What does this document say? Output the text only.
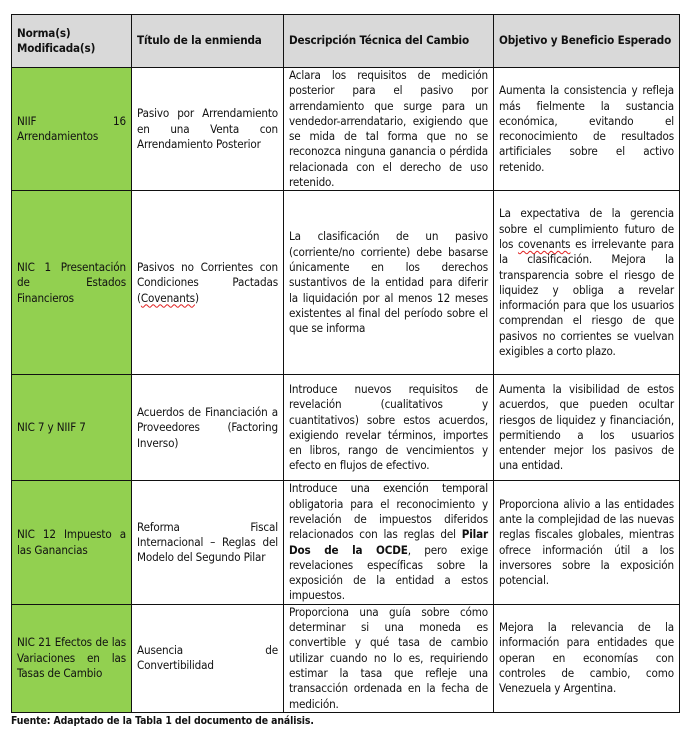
Norma(s) Modificada(s)	Título de la enmienda	Descripción Técnica del Cambio	Objetivo y Beneficio Esperado
NIIF 16 Arrendamientos	Pasivo por Arrendamiento en una Venta con Arrendamiento Posterior	Aclara los requisitos de medición posterior para el pasivo por arrendamiento que surge para un vendedor-arrendatario, exigiendo que se mida de tal forma que no se reconozca ninguna ganancia o pérdida relacionada con el derecho de uso retenido.	Aumenta la consistencia y refleja más fielmente la sustancia económica, evitando el reconocimiento de resultados artificiales sobre el activo retenido.
NIC 1 Presentación de Estados Financieros	Pasivos no Corrientes con Condiciones Pactadas (Covenants)	La clasificación de un pasivo (corriente/no corriente) debe basarse únicamente en los derechos sustantivos de la entidad para diferir la liquidación por al menos 12 meses existentes al final del período sobre el que se informa	La expectativa de la gerencia sobre el cumplimiento futuro de los covenants es irrelevante para la clasificación. Mejora la transparencia sobre el riesgo de liquidez y obliga a revelar información para que los usuarios comprendan el riesgo de que pasivos no corrientes se vuelvan exigibles a corto plazo.
NIC 7 y NIIF 7	Acuerdos de Financiación a Proveedores (Factoring Inverso)	Introduce nuevos requisitos de revelación (cualitativos y cuantitativos) sobre estos acuerdos, exigiendo revelar términos, importes en libros, rango de vencimientos y efecto en flujos de efectivo.	Aumenta la visibilidad de estos acuerdos, que pueden ocultar riesgos de liquidez y financiación, permitiendo a los usuarios entender mejor los pasivos de una entidad.
NIC 12 Impuesto a las Ganancias	Reforma Fiscal Internacional – Reglas del Modelo del Segundo Pilar	Introduce una exención temporal obligatoria para el reconocimiento y revelación de impuestos diferidos relacionados con las reglas del Pilar Dos de la OCDE, pero exige revelaciones específicas sobre la exposición de la entidad a estos impuestos.	Proporciona alivio a las entidades ante la complejidad de las nuevas reglas fiscales globales, mientras ofrece información útil a los inversores sobre la exposición potencial.
NIC 21 Efectos de las Variaciones en las Tasas de Cambio	Ausencia de Convertibilidad	Proporciona una guía sobre cómo determinar si una moneda es convertible y qué tasa de cambio utilizar cuando no lo es, requiriendo estimar la tasa que refleje una transacción ordenada en la fecha de medición.	Mejora la relevancia de la información para entidades que operan en economías con controles de cambio, como Venezuela y Argentina.
Fuente: Adaptado de la Tabla 1 del documento de análisis.
